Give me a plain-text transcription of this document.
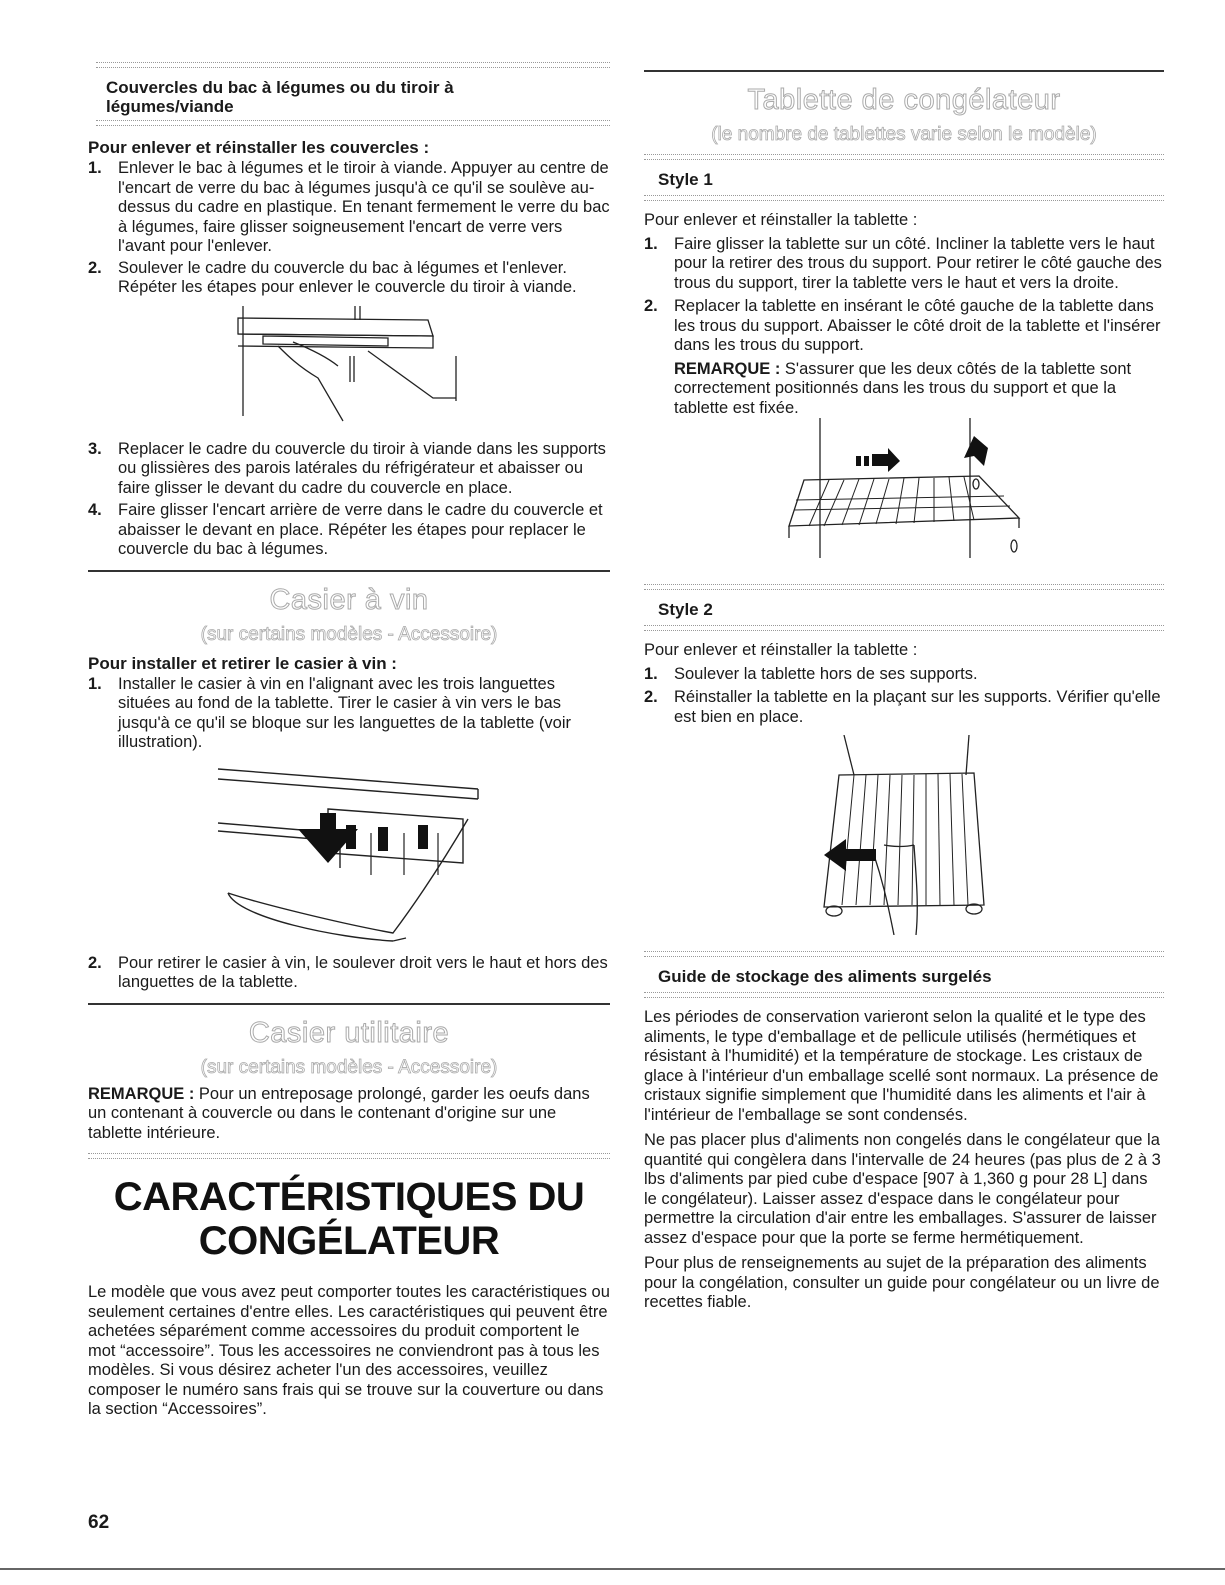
Couvercles du bac à légumes ou du tiroir à légumes/viande
Pour enlever et réinstaller les couvercles :
1. Enlever le bac à légumes et le tiroir à viande. Appuyer au centre de l'encart de verre du bac à légumes jusqu'à ce qu'il se soulève au-dessus du cadre en plastique. En tenant fermement le verre du bac à légumes, faire glisser soigneusement l'encart de verre vers l'avant pour l'enlever.
2. Soulever le cadre du couvercle du bac à légumes et l'enlever. Répéter les étapes pour enlever le couvercle du tiroir à viande.
3. Replacer le cadre du couvercle du tiroir à viande dans les supports ou glissières des parois latérales du réfrigérateur et abaisser ou faire glisser le devant du cadre du couvercle en place.
4. Faire glisser l'encart arrière de verre dans le cadre du couvercle et abaisser le devant en place. Répéter les étapes pour replacer le couvercle du bac à légumes.
Casier à vin
(sur certains modèles - Accessoire)
Pour installer et retirer le casier à vin :
1. Installer le casier à vin en l'alignant avec les trois languettes situées au fond de la tablette. Tirer le casier à vin vers le bas jusqu'à ce qu'il se bloque sur les languettes de la tablette (voir illustration).
2. Pour retirer le casier à vin, le soulever droit vers le haut et hors des languettes de la tablette.
Casier utilitaire
(sur certains modèles - Accessoire)

REMARQUE : Pour un entreposage prolongé, garder les oeufs dans un contenant à couvercle ou dans le contenant d'origine sur une tablette intérieure.

CARACTÉRISTIQUES DU
CONGÉLATEUR

Le modèle que vous avez peut comporter toutes les caractéristiques ou seulement certaines d'entre elles. Les caractéristiques qui peuvent être achetées séparément comme accessoires du produit comportent le mot “accessoire”. Tous les accessoires ne conviendront pas à tous les modèles. Si vous désirez acheter l'un des accessoires, veuillez composer le numéro sans frais qui se trouve sur la couverture ou dans la section “Accessoires”.

62
Tablette de congélateur
(le nombre de tablettes varie selon le modèle)
Style 1

Pour enlever et réinstaller la tablette :

1. Faire glisser la tablette sur un côté. Incliner la tablette vers le haut pour la retirer des trous du support. Pour retirer le côté gauche des trous du support, tirer la tablette vers le haut et vers la droite.
2. Replacer la tablette en insérant le côté gauche de la tablette dans les trous du support. Abaisser le côté droit de la tablette et l'insérer dans les trous du support.

REMARQUE : S'assurer que les deux côtés de la tablette sont correctement positionnés dans les trous du support et que la tablette est fixée.

Style 2

Pour enlever et réinstaller la tablette :

1. Soulever la tablette hors de ses supports.
2. Réinstaller la tablette en la plaçant sur les supports. Vérifier qu'elle est bien en place.
Guide de stockage des aliments surgelés

Les périodes de conservation varieront selon la qualité et le type des aliments, le type d'emballage et de pellicule utilisés (hermétiques et résistant à l'humidité) et la température de stockage. Les cristaux de glace à l'intérieur d'un emballage scellé sont normaux. La présence de cristaux signifie simplement que l'humidité dans les aliments et l'air à l'intérieur de l'emballage se sont condensés.

Ne pas placer plus d'aliments non congelés dans le congélateur que la quantité qui congèlera dans l'intervalle de 24 heures (pas plus de 2 à 3 lbs d'aliments par pied cube d'espace [907 à 1,360 g pour 28 L] dans le congélateur). Laisser assez d'espace dans le congélateur pour permettre la circulation d'air entre les emballages. S'assurer de laisser assez d'espace pour que la porte se ferme hermétiquement.

Pour plus de renseignements au sujet de la préparation des aliments pour la congélation, consulter un guide pour congélateur ou un livre de recettes fiable.
